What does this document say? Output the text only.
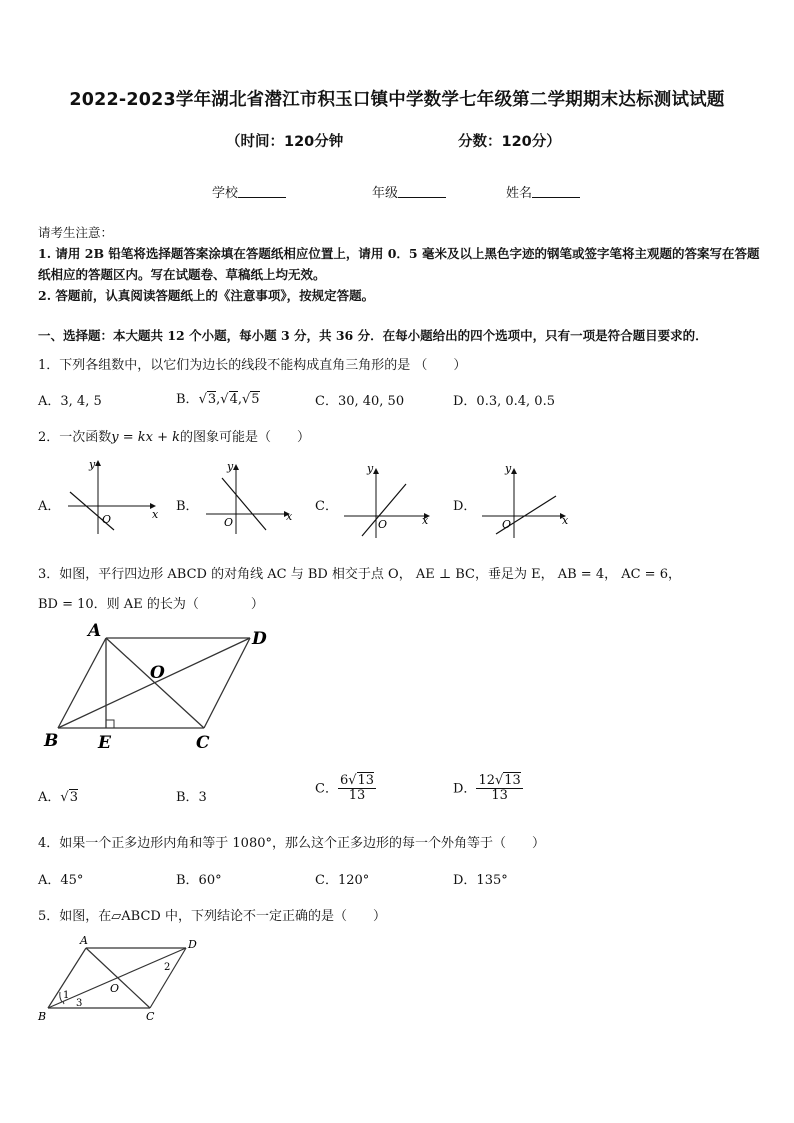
2022-2023学年湖北省潜江市积玉口镇中学数学七年级第二学期期末达标测试试题
（时间：120分钟	分数：120分）
学校	年级	姓名
请考生注意：
1. 请用 2B 铅笔将选择题答案涂填在答题纸相应位置上，请用 0．5 毫米及以上黑色字迹的钢笔或签字笔将主观题的答案写在答题纸相应的答题区内。写在试题卷、草稿纸上均无效。
2. 答题前，认真阅读答题纸上的《注意事项》，按规定答题。
一、选择题：本大题共 12 个小题，每小题 3 分，共 36 分．在每小题给出的四个选项中，只有一项是符合题目要求的．
1．下列各组数中，以它们为边长的线段不能构成直角三角形的是 （　　）
A．3, 4, 5	B．√3,√4,√5	C．30, 40, 50	D．0.3, 0.4, 0.5
2．一次函数y = kx + k的图象可能是（　　）
A．	B．	C．	D．
y
x
O
y
x
O
y
x
O
y
x
O
3．如图，平行四边形 ABCD 的对角线 AC 与 BD 相交于点 O， AE ⊥ BC，垂足为 E， AB = 4， AC = 6，
BD = 10．则 AE 的长为（　　　　）
A	D
O
B E	C
A．√3	B．3
C． $\frac{6√13}{13}$	D． $\frac{12√13}{13}$
4．如果一个正多边形内角和等于 1080°，那么这个正多边形的每一个外角等于（　　）
A．45°	B．60°	C．120°	D．135°
5．如图，在▱ABCD 中，下列结论不一定正确的是（　　）
A	D
O
B	C
1
2
3
